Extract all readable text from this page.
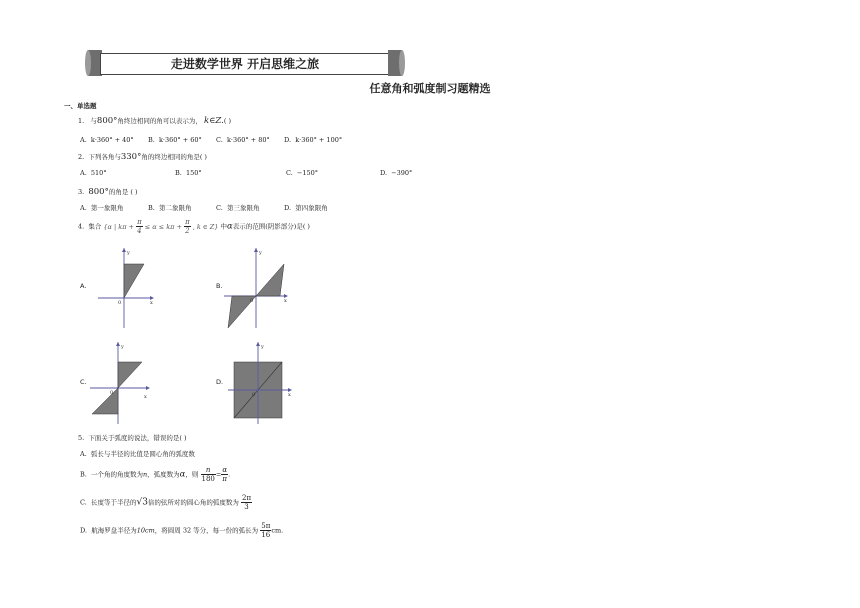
走进数学世界 开启思维之旅
任意角和弧度制习题精选
一、单选题
1. 与800°角终边相同的角可以表示为， k∈Z.( )
A. k·360° + 40° B. k·360° + 60° C. k·360° + 80° D. k·360° + 100°
2. 下列各角与330°角的终边相同的角是( )
A. 510°	B. 150°	C. −150°	D. −390°
3. 800°的角是 ( )
A. 第一象限角	B. 第二象限角	C. 第三象限角	D. 第四象限角
4. 集合 {α | $k\pi + \frac{\pi}{4} \le \alpha \le k\pi + \frac{\pi}{2}$ , k ∈ Z} 中α表示的范围(阴影部分)是( )
A.
0	x
y
B.
0	x
y
C.
0
x
y
D.
0	x
y
5. 下面关于弧度的说法，错误的是( )
A. 弧长与半径的比值是圆心角的弧度数
B. 一个角的角度数为n，弧度数为α，则 $\frac{n}{180} = \frac{\alpha}{\pi}$ .
C. 长度等于半径的√3倍的弦所对的圆心角的弧度数为 $\frac{2\pi}{3}$
D. 航海罗盘半径为10cm，将圆周 32 等分，每一份的弧长为 $\frac{5\pi}{16}$ cm.
